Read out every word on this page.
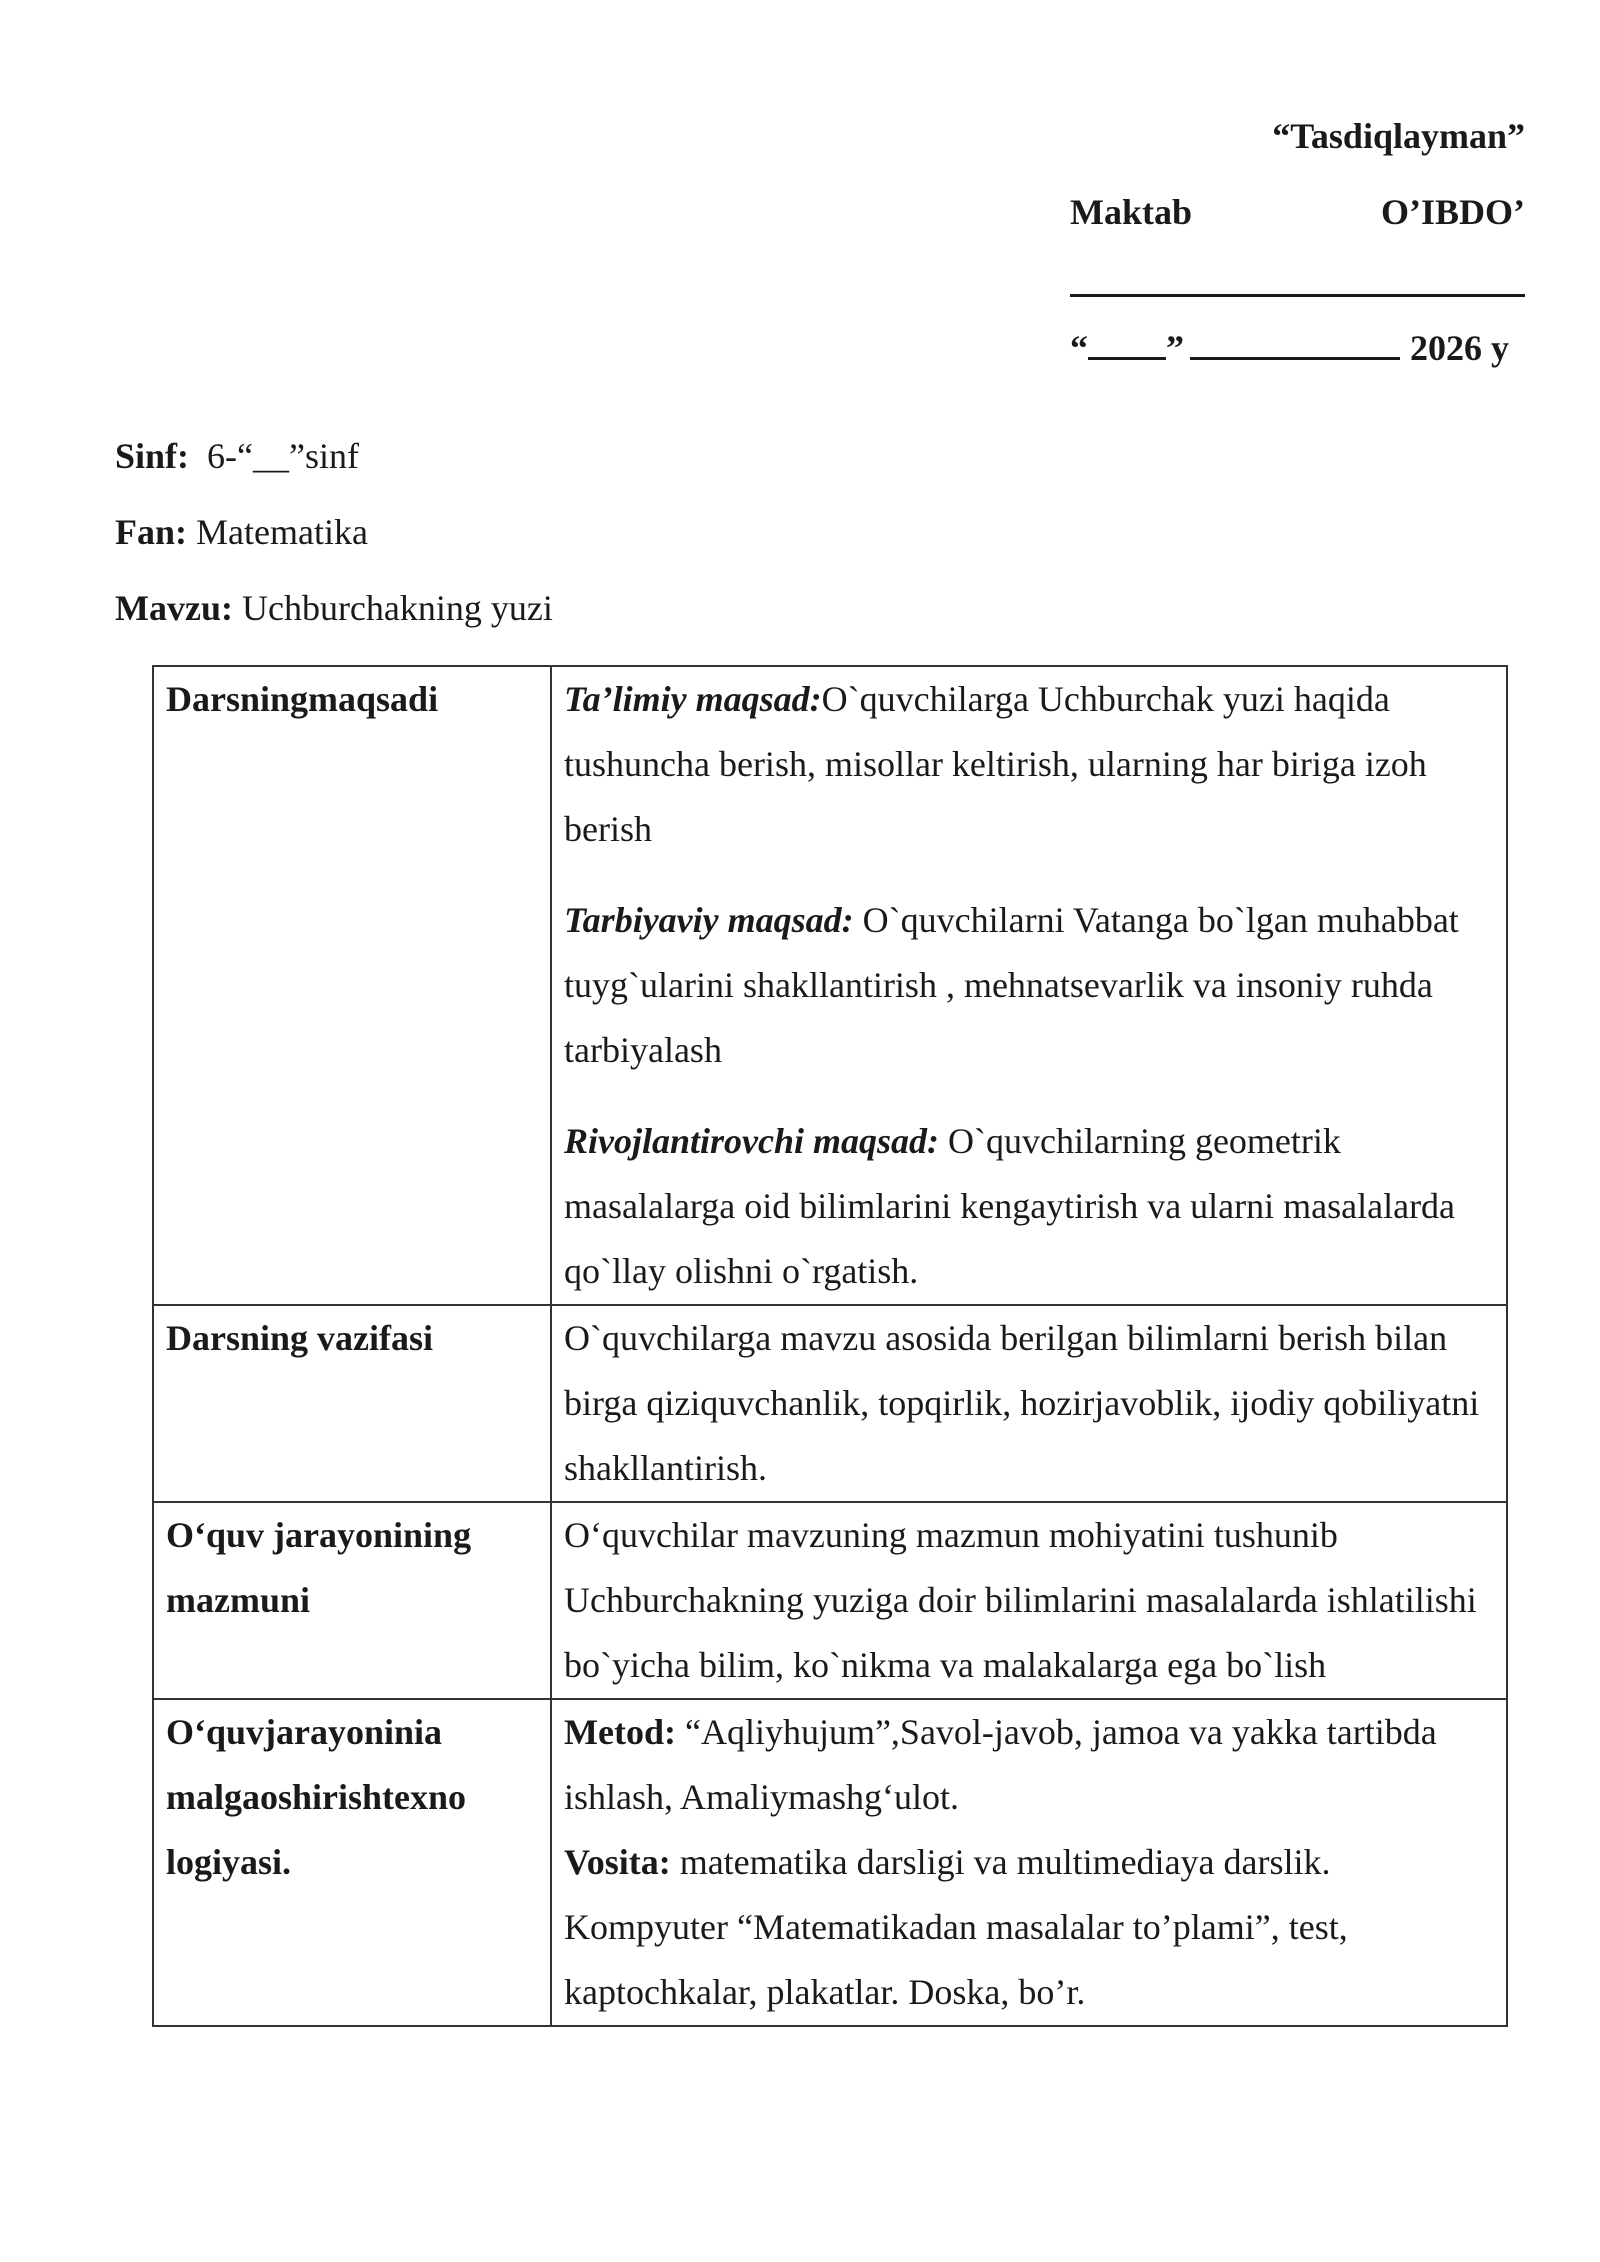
“Tasdiqlayman”
Maktab	O’IBDO’
“ ”	2026 y
Sinf: 6-“__”sinf
Fan: Matematika
Mavzu: Uchburchakning yuzi
Darsningmaqsadi	Ta’limiy maqsad:O`quvchilarga Uchburchak yuzi haqida tushuncha berish, misollar keltirish, ularning har biriga izoh berish

Tarbiyaviy maqsad: O`quvchilarni Vatanga bo`lgan muhabbat tuyg`ularini shakllantirish , mehnatsevarlik va insoniy ruhda tarbiyalash

Rivojlantirovchi maqsad: O`quvchilarning geometrik masalalarga oid bilimlarini kengaytirish va ularni masalalarda qo`llay olishni o`rgatish.

Darsning vazifasi	O`quvchilarga mavzu asosida berilgan bilimlarni berish bilan birga qiziquvchanlik, topqirlik, hozirjavoblik, ijodiy qobiliyatni shakllantirish.
O‘quv jarayonining mazmuni	O‘quvchilar mavzuning mazmun mohiyatini tushunib Uchburchakning yuziga doir bilimlarini masalalarda ishlatilishi bo`yicha bilim, ko`nikma va malakalarga ega bo`lish
O‘quvjarayoninia malgaoshirishtexno logiyasi.	Metod: “Aqliyhujum”,Savol-javob, jamoa va yakka tartibda ishlash, Amaliymashg‘ulot.

Vosita: matematika darsligi va multimediaya darslik. Kompyuter “Matematikadan masalalar to’plami”, test, kaptochkalar, plakatlar. Doska, bo’r.
